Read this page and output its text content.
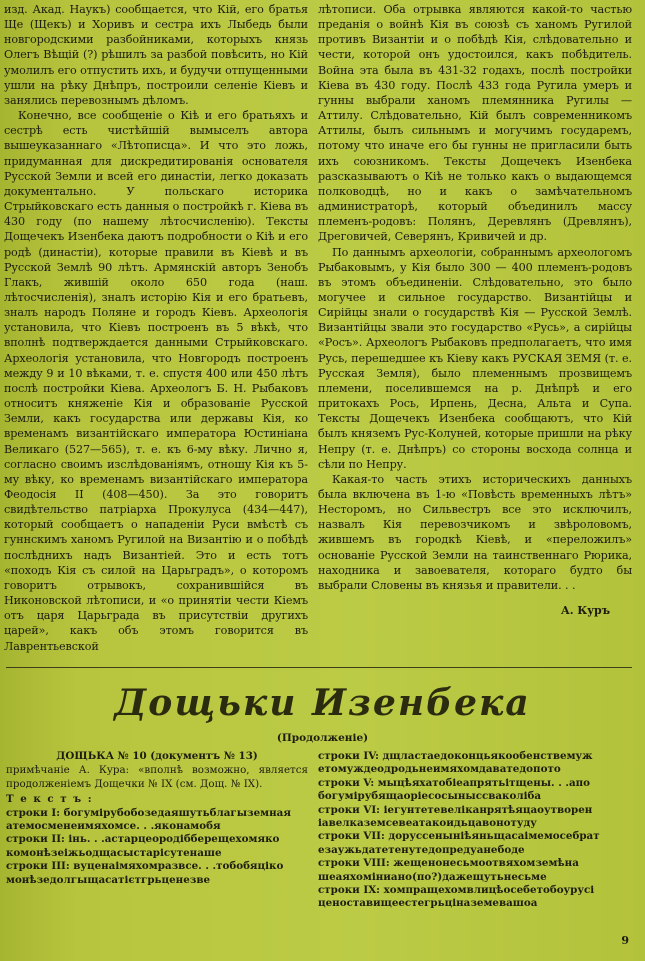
изд. Акад. Наукъ) сообщается, что Кій, его братья Ще (Щекъ) и Хоривъ и сестра ихъ Лыбедь были новгородскими разбойниками, которыхъ князь Олегъ Вѣщій (?) рѣшилъ за разбой повѣсить, но Кій умолилъ его отпустить ихъ, и будучи отпущенными ушли на рѣку Днѣпръ, построили селеніе Кіевъ и занялись перевознымъ дѣломъ.

Конечно, все сообщеніе о Кіѣ и его братьяхъ и сестрѣ есть чистѣйшій вымыселъ автора вышеуказаннаго «Лѣтописца». И что это ложь, придуманная для дискредитированія основателя Русской Земли и всей его династіи, легко доказать документально. У польскаго историка Стрыйковскаго есть данныя о постройкѣ г. Кіева въ 430 году (по нашему лѣтосчисленію). Тексты Дощечекъ Изенбека даютъ подробности о Кіѣ и его родѣ (династіи), которые правили въ Кіевѣ и въ Русской Землѣ 90 лѣтъ. Армянскій авторъ Зенобъ Глакъ, жившій около 650 года (наш. лѣтосчисленія), зналъ исторію Кія и его братьевъ, зналъ народъ Поляне и городъ Кіевъ. Археологія установила, что Кіевъ построенъ въ 5 вѣкѣ, что вполнѣ подтверждается данными Стрыйковскаго. Археологія установила, что Новгородъ построенъ между 9 и 10 вѣками, т. е. спустя 400 или 450 лѣтъ послѣ постройки Кіева. Археологъ Б. Н. Рыбаковъ относитъ княженіе Кія и образованіе Русской Земли, какъ государства или державы Кія, ко временамъ византійскаго императора Юстиніана Великаго (527—565), т. е. къ 6-му вѣку. Лично я, согласно своимъ изслѣдованіямъ, отношу Кія къ 5-му вѣку, ко временамъ византійскаго императора Феодосія II (408—450). За это говоритъ свидѣтельство патріарха Прокулуса (434—447), который сообщаетъ о нападеніи Руси вмѣстѣ съ гуннскимъ ханомъ Ругилой на Византію и о побѣдѣ послѣднихъ надъ Византіей. Это и есть тотъ «походъ Кія съ силой на Царьградъ», о которомъ говоритъ отрывокъ, сохранившійся въ Никоновской лѣтописи, и «о принятіи чести Кіемъ отъ царя Царьграда въ присутствіи другихъ царей», какъ объ этомъ говорится въ Лаврентьевской

лѣтописи. Оба отрывка являются какой-то частью преданія о войнѣ Кія въ союзѣ съ ханомъ Ругилой противъ Византіи и о побѣдѣ Кія, слѣдовательно и чести, которой онъ удостоился, какъ побѣдитель. Война эта была въ 431-32 годахъ, послѣ постройки Кіева въ 430 году. Послѣ 433 года Ругила умеръ и гунны выбрали ханомъ племянника Ругилы — Аттилу. Слѣдовательно, Кій былъ современникомъ Аттилы, былъ сильнымъ и могучимъ государемъ, потому что иначе его бы гунны не пригласили быть ихъ союзникомъ. Тексты Дощечекъ Изенбека разсказываютъ о Кіѣ не только какъ о выдающемся полководцѣ, но и какъ о замѣчательномъ администраторѣ, который объединилъ массу племенъ-родовъ: Полянъ, Деревлянъ (Древлянъ), Дреговичей, Северянъ, Кривичей и др.

По даннымъ археологіи, собраннымъ археологомъ Рыбаковымъ, у Кія было 300 — 400 племенъ-родовъ въ этомъ объединеніи. Слѣдовательно, это было могучее и сильное государство. Византійцы и Сирійцы знали о государствѣ Кія — Русской Землѣ. Византійцы звали это государство «Русь», а сирійцы «Росъ». Археологъ Рыбаковъ предполагаетъ, что имя Русь, перешедшее къ Кіеву какъ РУСКАЯ ЗЕМЯ (т. е. Русская Земля), было племеннымъ прозвищемъ племени, поселившемся на р. Днѣпрѣ и его притокахъ Рось, Ирпень, Десна, Альта и Супа. Тексты Дощечекъ Изенбека сообщаютъ, что Кій былъ княземъ Рус-Колуней, которые пришли на рѣку Непру (т. е. Днѣпръ) со стороны восхода солнца и сѣли по Непру.

Какая-то часть этихъ историческихъ данныхъ была включена въ 1-ю «Повѣсть временныхъ лѣтъ» Несторомъ, но Сильвестръ все это исключилъ, назвалъ Кія перевозчикомъ и звѣроловомъ, жившемъ въ городкѣ Кіевѣ, и «переложилъ» основаніе Русской Земли на таинственнаго Рюрика, находника и завоевателя, котораго будто бы выбрали Словены въ князья и правители. . .

А. Куръ
Дощьки Изенбека
(Продолженіе)
ДОЩЬКА № 10 (документъ № 13)
примѣчаніе А. Кура: «вполнѣ возможно, является продолженіемъ Дощечки № IX (см. Дощ. № IX).
Т е к с т ъ :
строки I: богумірубобозедаяшутьблагыземная
атемосменеимяхомсе. . .яконамобя
строки II: інь. . .астарцеородібберещехомяко
комонѣзеіжьодщасыстарісутенаше
строки III: вуценаімяхомразвсе. . .тобобяціко
монѣзедолгыщасатієтгрьценезве
строки IV: дщластаедоконцьякообенствемуж
етомуждеодродьнеимяхомдаватедопото
строки V: мыцѣяхатобіеапрятьітщены. . .апо
богумірубящаоріесосыныссваколіба
строки VI: іегунтетевеліканрятѣяцаоутворен
іавелказемсевеатакоидьцавонотуду
строки VII: доруссеныніѣяньщасаімемосебрат
езаужьдатетенутедопредуанебоде
строки VIII: жещенонесьмоотвяхомземѣна
шеаяхоміниано(по?)дажещутьнесьме
строки IX: хомпращехомвлицѣосебетобоурусі
ценоставищеестегрьціназемевашоа
9
